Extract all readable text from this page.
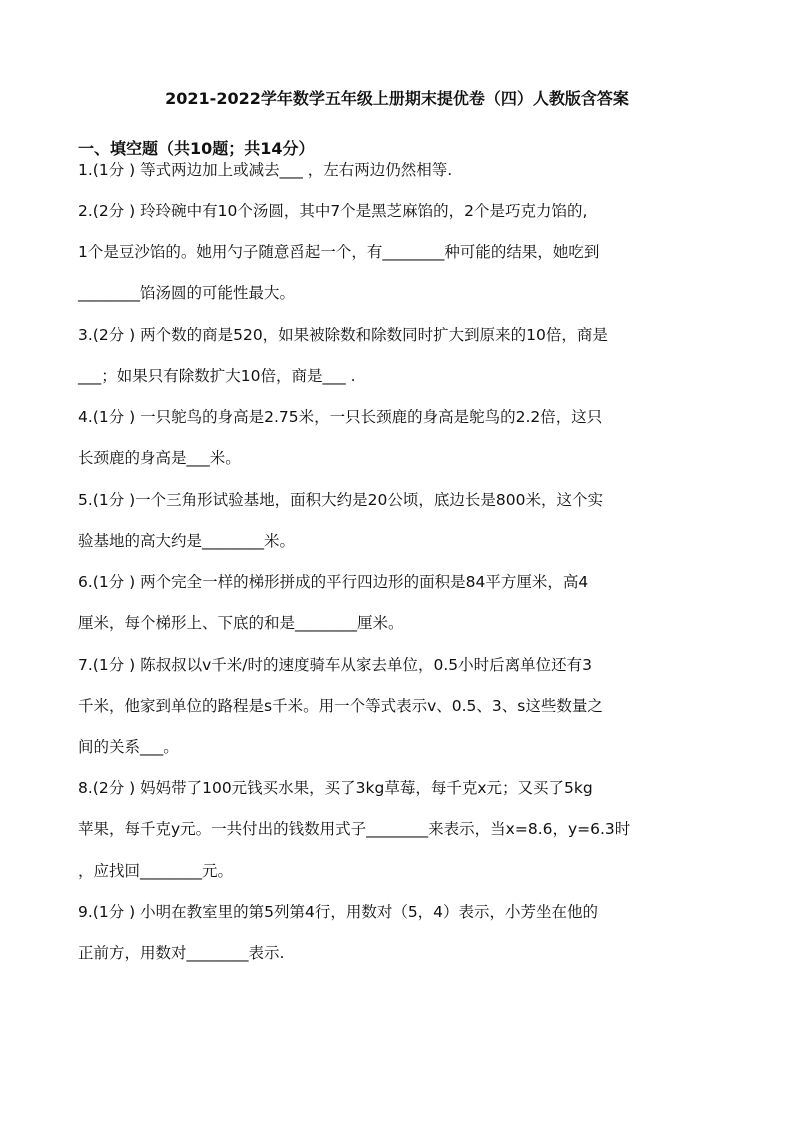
2021-2022学年数学五年级上册期末提优卷（四）人教版含答案
一、填空题（共10题；共14分）
1.(1分 ) 等式两边加上或减去___ ，左右两边仍然相等.
2.(2分 ) 玲玲碗中有10个汤圆，其中7个是黑芝麻馅的，2个是巧克力馅的,
1个是豆沙馅的。她用勺子随意舀起一个，有________种可能的结果，她吃到
________馅汤圆的可能性最大。
3.(2分 ) 两个数的商是520，如果被除数和除数同时扩大到原来的10倍，商是
___；如果只有除数扩大10倍，商是___ .
4.(1分 ) 一只鸵鸟的身高是2.75米，一只长颈鹿的身高是鸵鸟的2.2倍，这只
长颈鹿的身高是___米。
5.(1分 )一个三角形试验基地，面积大约是20公顷，底边长是800米，这个实
验基地的高大约是________米。
6.(1分 ) 两个完全一样的梯形拼成的平行四边形的面积是84平方厘米，高4
厘米，每个梯形上、下底的和是________厘米。
7.(1分 ) 陈叔叔以v千米/时的速度骑车从家去单位，0.5小时后离单位还有3
千米，他家到单位的路程是s千米。用一个等式表示v、0.5、3、s这些数量之
间的关系___。
8.(2分 ) 妈妈带了100元钱买水果，买了3kg草莓，每千克x元；又买了5kg
苹果，每千克y元。一共付出的钱数用式子________来表示，当x=8.6，y=6.3时
，应找回________元。
9.(1分 ) 小明在教室里的第5列第4行，用数对（5，4）表示，小芳坐在他的
正前方，用数对________表示.
